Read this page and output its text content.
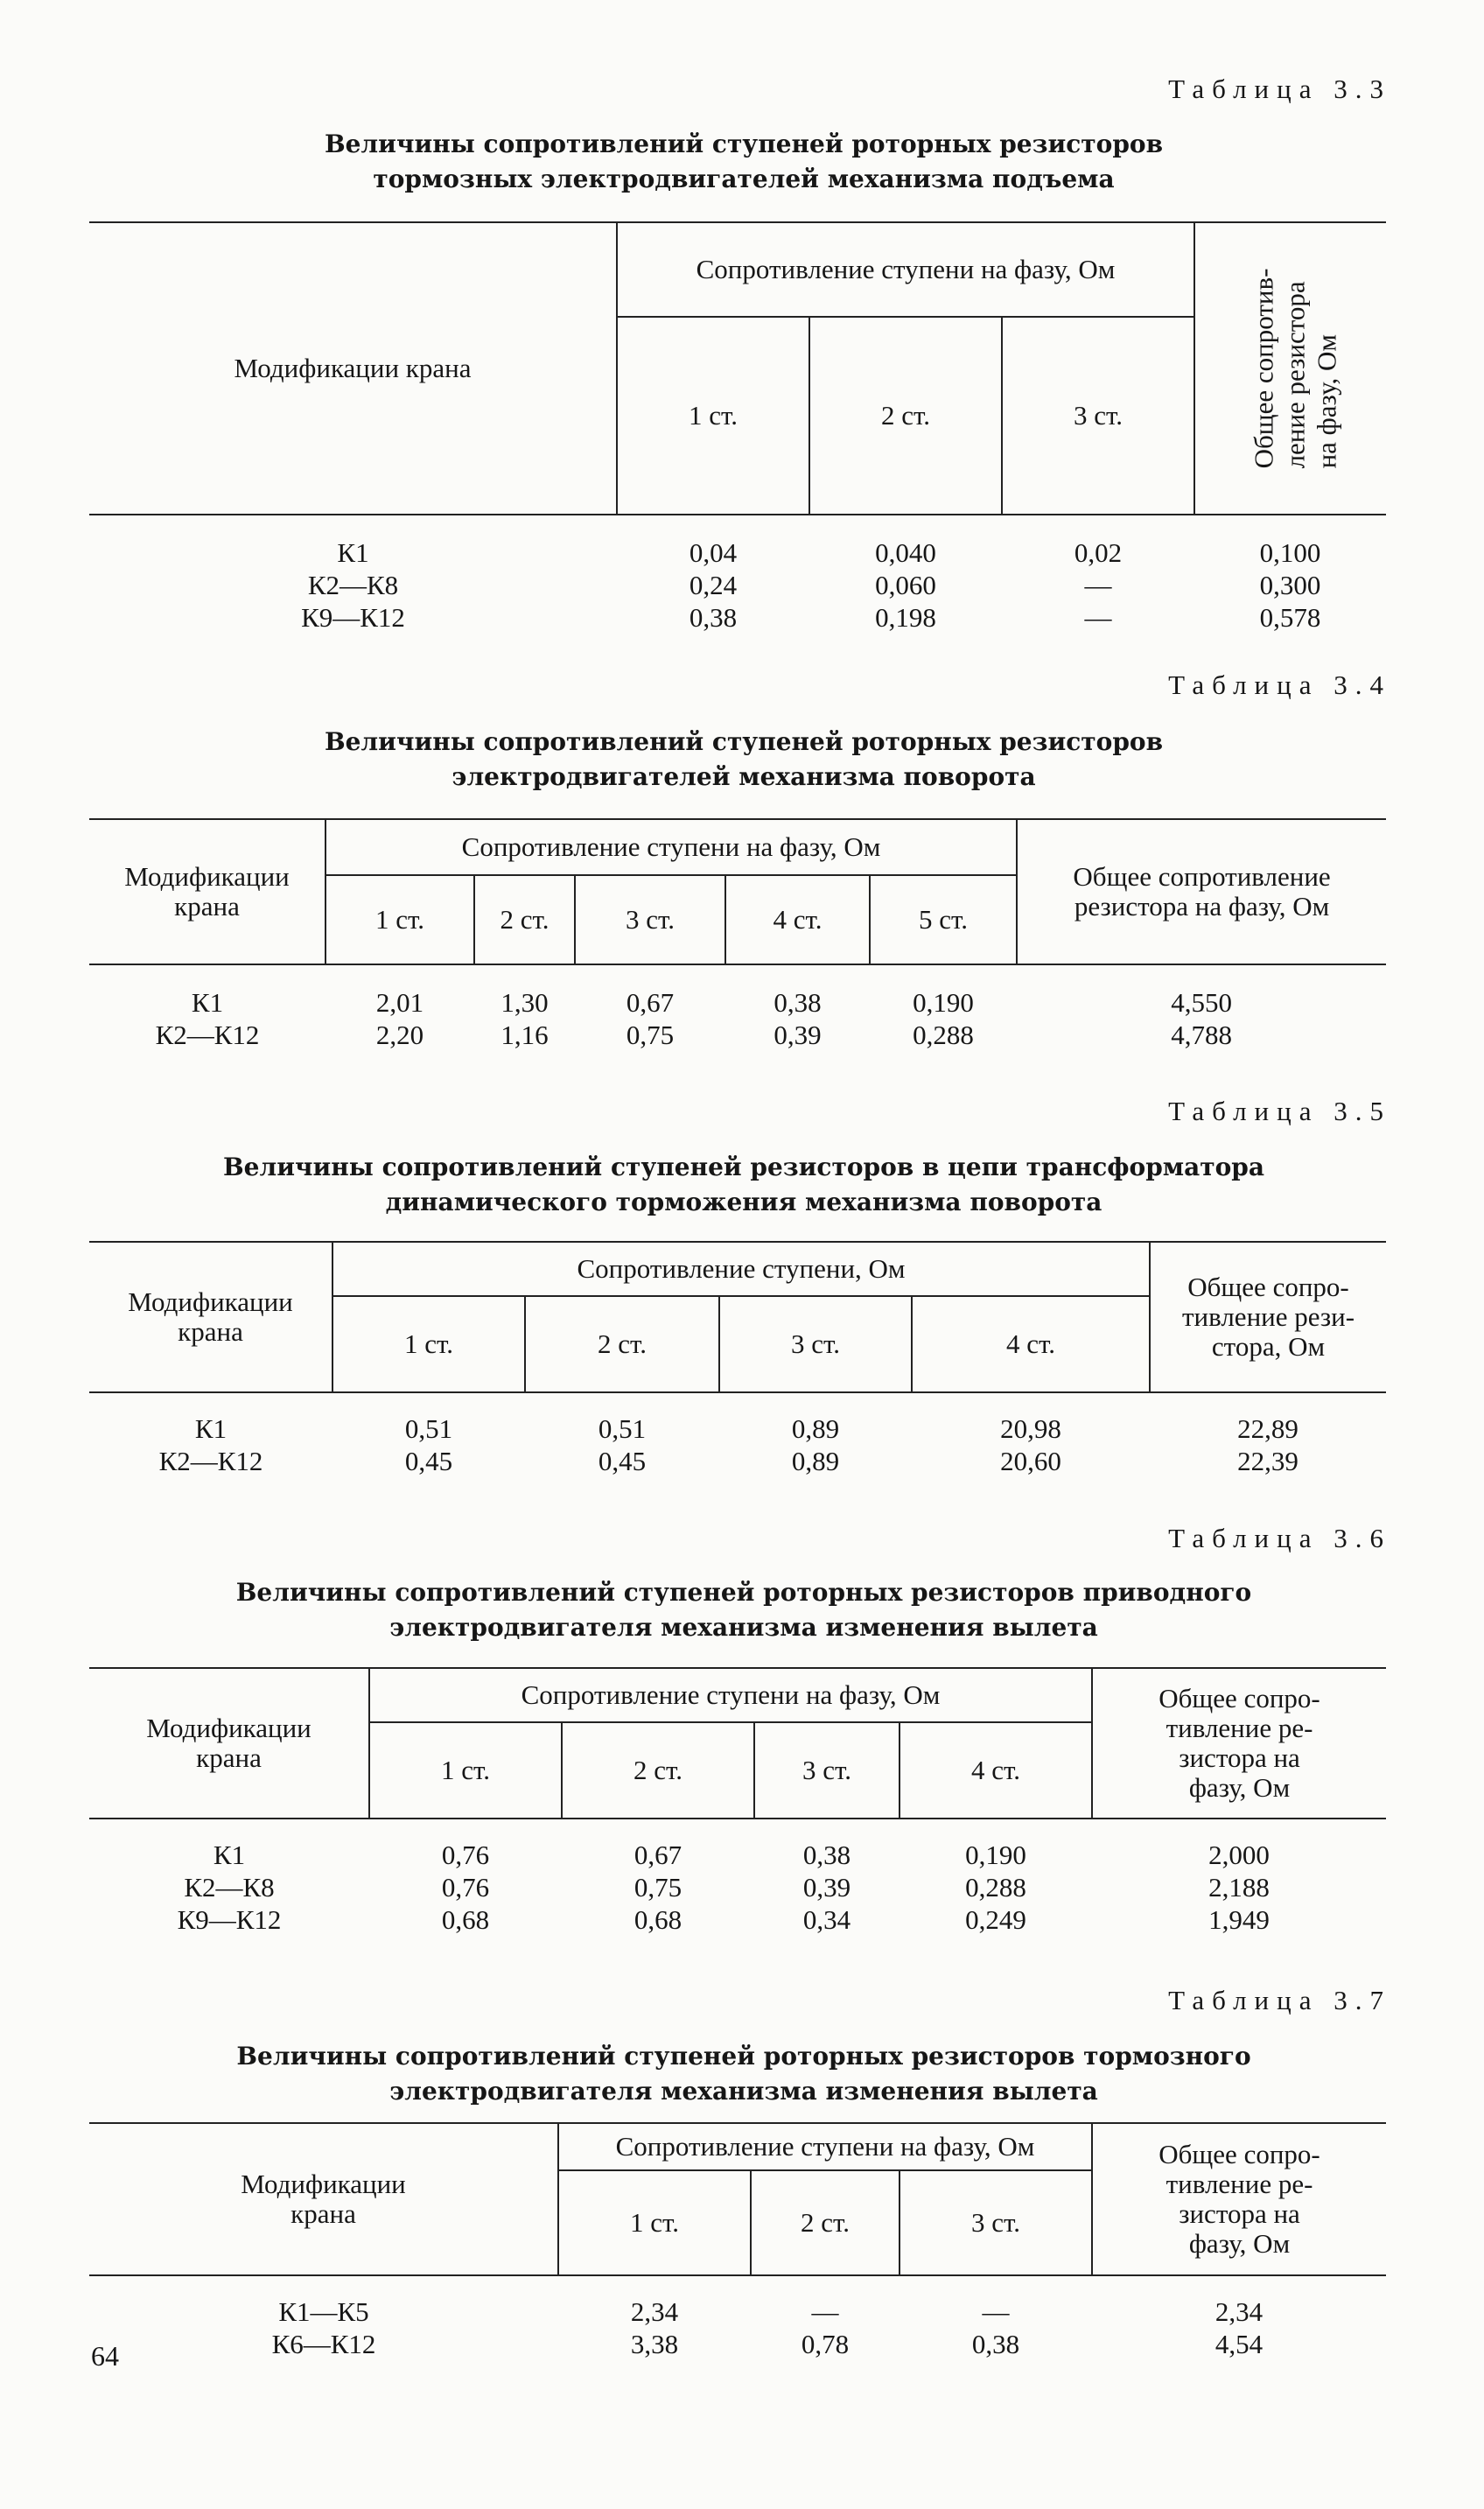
Таблица 3.3
Величины сопротивлений ступеней роторных резисторов
тормозных электродвигателей механизма подъема
Модификации крана	Сопротивление ступени на фазу, Ом			Общее сопротив- ление резистора на фазу, Ом

	1 ст.	2 ст.	3 ст.	
К1	0,04	0,040	0,02	0,100
К2—К8	0,24	0,060	—	0,300
К9—К12	0,38	0,198	—	0,578
Таблица 3.4
Величины сопротивлений ступеней роторных резисторов
электродвигателей механизма поворота
Модификации
крана	Сопротивление ступени на фазу, Ом					Общее сопротивление
резистора на фазу, Ом

	1 ст.	2 ст.	3 ст.	4 ст.	5 ст.	
К1	2,01	1,30	0,67	0,38	0,190	4,550
К2—К12	2,20	1,16	0,75	0,39	0,288	4,788
Таблица 3.5
Величины сопротивлений ступеней резисторов в цепи трансформатора
динамического торможения механизма поворота
Модификации
крана	Сопротивление ступени, Ом				Общее сопро-
тивление рези-
стора, Ом

	1 ст.	2 ст.	3 ст.	4 ст.	
К1	0,51	0,51	0,89	20,98	22,89
К2—К12	0,45	0,45	0,89	20,60	22,39
Таблица 3.6
Величины сопротивлений ступеней роторных резисторов приводного
электродвигателя механизма изменения вылета
Модификации
крана	Сопротивление ступени на фазу, Ом				Общее сопро-
тивление ре-
зистора на
фазу, Ом

	1 ст.	2 ст.	3 ст.	4 ст.	
К1	0,76	0,67	0,38	0,190	2,000
К2—К8	0,76	0,75	0,39	0,288	2,188
К9—К12	0,68	0,68	0,34	0,249	1,949
Таблица 3.7
Величины сопротивлений ступеней роторных резисторов тормозного
электродвигателя механизма изменения вылета
Модификации
крана	Сопротивление ступени на фазу, Ом			Общее сопро-
тивление ре-
зистора на
фазу, Ом

	1 ст.	2 ст.	3 ст.	
К1—К5	2,34	—	—	2,34
К6—К12	3,38	0,78	0,38	4,54
64
